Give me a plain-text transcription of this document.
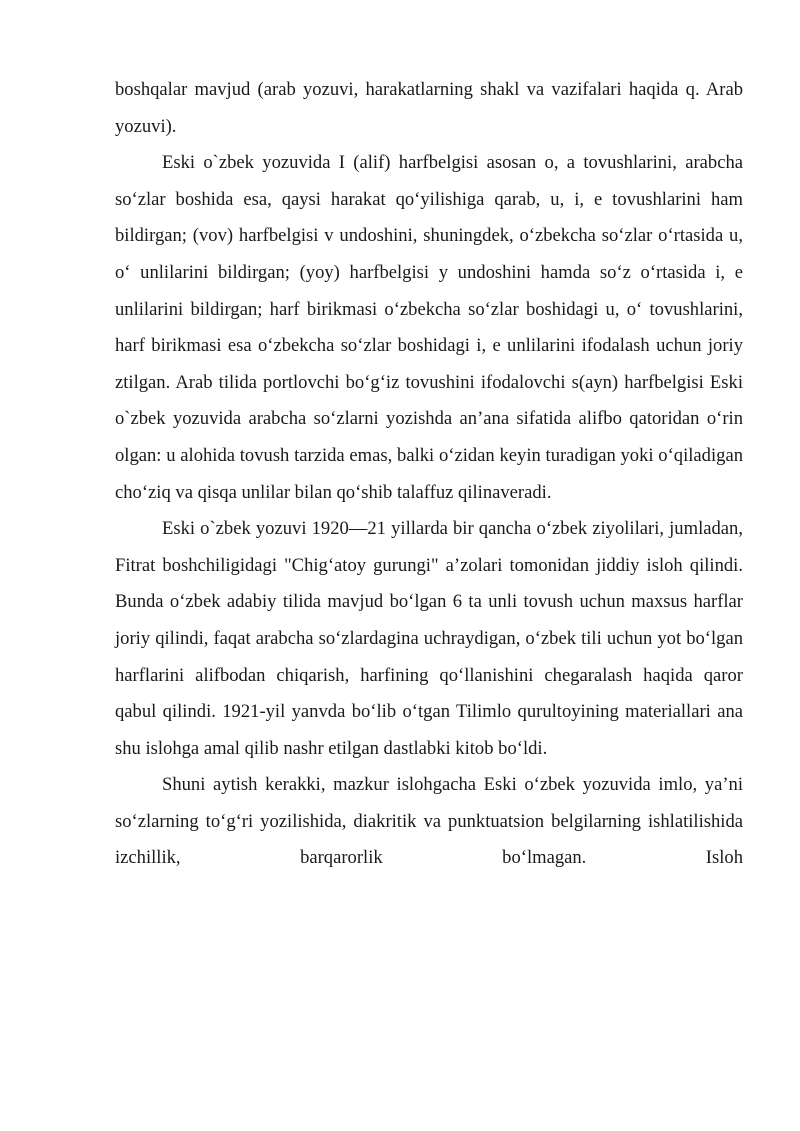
boshqalar mavjud (arab yozuvi, harakatlarning shakl va vazifalari haqida q. Arab yozuvi).

Eski o`zbek yozuvida I (alif) harfbelgisi asosan o, a tovushlarini, arabcha so‘zlar boshida esa, qaysi harakat qo‘yilishiga qarab, u, i, e tovushlarini ham bildirgan; (vov) harfbelgisi v undoshini, shuningdek, o‘zbekcha so‘zlar o‘rtasida u, o‘ unlilarini bildirgan; (yoy) harfbelgisi y undoshini hamda so‘z o‘rtasida i, e unlilarini bildirgan; harf birikmasi o‘zbekcha so‘zlar boshidagi u, o‘ tovushlarini, harf birikmasi esa o‘zbekcha so‘zlar boshidagi i, e unlilarini ifodalash uchun joriy ztilgan. Arab tilida portlovchi bo‘g‘iz tovushini ifodalovchi s(ayn) harfbelgisi Eski o`zbek yozuvida arabcha so‘zlarni yozishda an’ana sifatida alifbo qatoridan o‘rin olgan: u alohida tovush tarzida emas, balki o‘zidan keyin turadigan yoki o‘qiladigan cho‘ziq va qisqa unlilar bilan qo‘shib talaffuz qilinaveradi.

Eski o`zbek yozuvi 1920—21 yillarda bir qancha o‘zbek ziyolilari, jumladan, Fitrat boshchiligidagi "Chig‘atoy gurungi" a’zolari tomonidan jiddiy isloh qilindi. Bunda o‘zbek adabiy tilida mavjud bo‘lgan 6 ta unli tovush uchun maxsus harflar joriy qilindi, faqat arabcha so‘zlardagina uchraydigan, o‘zbek tili uchun yot bo‘lgan harflarini alifbodan chiqarish, harfining qo‘llanishini chegaralash haqida qaror qabul qilindi. 1921-yil yanvda bo‘lib o‘tgan Tilimlo qurultoyining materiallari ana shu islohga amal qilib nashr etilgan dastlabki kitob bo‘ldi.

Shuni aytish kerakki, mazkur islohgacha Eski o‘zbek yozuvida imlo, ya’ni so‘zlarning to‘g‘ri yozilishida, diakritik va punktuatsion belgilarning ishlatilishida izchillik, barqarorlik bo‘lmagan. Isloh
